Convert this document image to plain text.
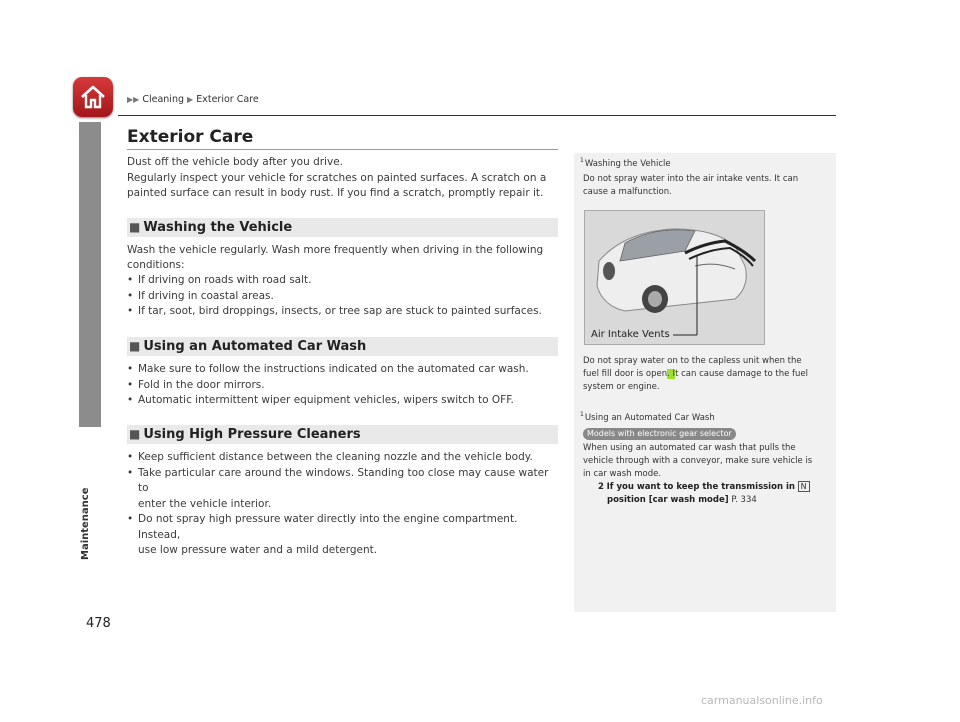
Maintenance
▶▶ Cleaning ▶ Exterior Care
Exterior Care

Dust off the vehicle body after you drive.

Regularly inspect your vehicle for scratches on painted surfaces. A scratch on a

painted surface can result in body rust. If you find a scratch, promptly repair it.

■ Washing the Vehicle

Wash the vehicle regularly. Wash more frequently when driving in the following

conditions:

• If driving on roads with road salt.
• If driving in coastal areas.
• If tar, soot, bird droppings, insects, or tree sap are stuck to painted surfaces.
■ Using an Automated Car Wash
• Make sure to follow the instructions indicated on the automated car wash.
• Fold in the door mirrors.
• Automatic intermittent wiper equipment vehicles, wipers switch to OFF.
■ Using High Pressure Cleaners
• Keep sufficient distance between the cleaning nozzle and the vehicle body.
• Take particular care around the windows. Standing too close may cause water to
enter the vehicle interior.
• Do not spray high pressure water directly into the engine compartment. Instead,
use low pressure water and a mild detergent.
$^1$Washing the Vehicle

Do not spray water into the air intake vents. It can

cause a malfunction.

Air Intake Vents

Do not spray water on to the capless unit when the

fuel fill door is open. It can cause damage to the fuel

system or engine.

$^1$Using an Automated Car Wash
Models with electronic gear selector

When using an automated car wash that pulls the

vehicle through with a conveyor, make sure vehicle is

in car wash mode.

2 If you want to keep the transmission in N
position [car wash mode] P. 334
478
carmanualsonline.info
